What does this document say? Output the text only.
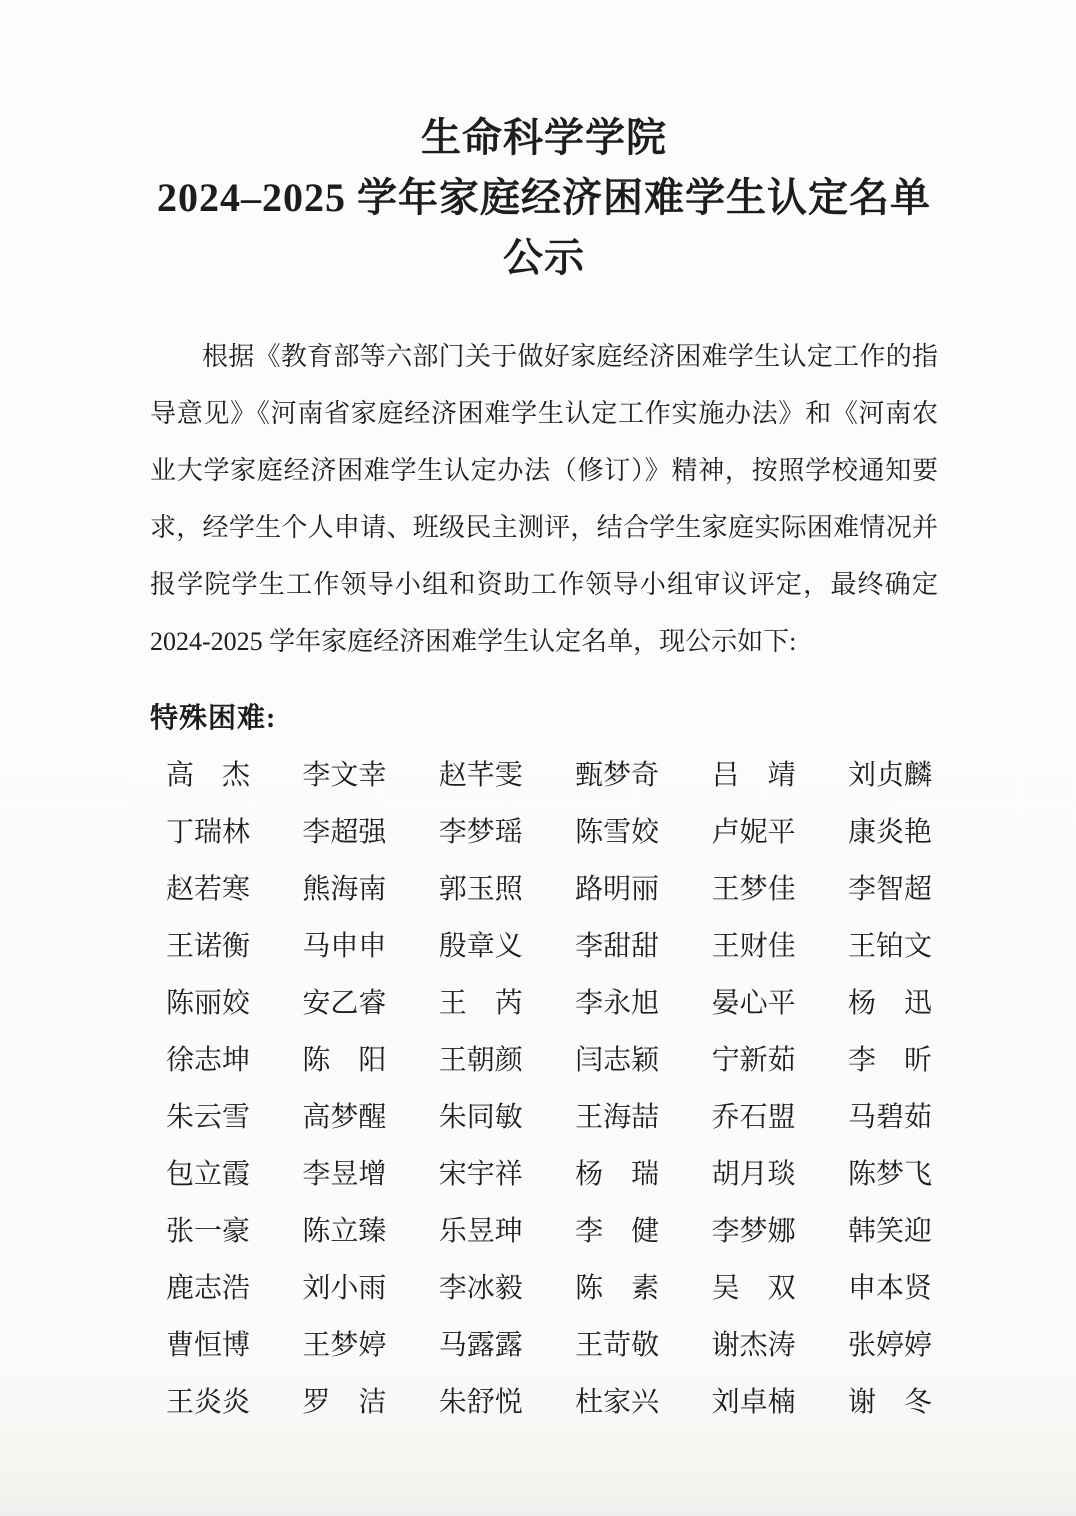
生命科学学院
2024–2025 学年家庭经济困难学生认定名单
公示
根据《教育部等六部门关于做好家庭经济困难学生认定工作的指
导意见》《河南省家庭经济困难学生认定工作实施办法》和《河南农
业大学家庭经济困难学生认定办法（修订）》精神，按照学校通知要
求，经学生个人申请、班级民主测评，结合学生家庭实际困难情况并
报学院学生工作领导小组和资助工作领导小组审议评定，最终确定
2024-2025 学年家庭经济困难学生认定名单，现公示如下:
特殊困难:
高　杰 李文幸 赵芊雯 甄梦奇 吕　靖 刘贞麟
丁瑞林 李超强 李梦瑶 陈雪姣 卢妮平 康炎艳
赵若寒 熊海南 郭玉照 路明丽 王梦佳 李智超
王诺衡 马申申 殷章义 李甜甜 王财佳 王铂文
陈丽姣 安乙睿 王　芮 李永旭 晏心平 杨　迅
徐志坤 陈　阳 王朝颜 闫志颖 宁新茹 李　昕
朱云雪 高梦醒 朱同敏 王海喆 乔石盟 马碧茹
包立霞 李昱增 宋宇祥 杨　瑞 胡月琰 陈梦飞
张一豪 陈立臻 乐昱珅 李　健 李梦娜 韩笑迎
鹿志浩 刘小雨 李冰毅 陈　素 吴　双 申本贤
曹恒博 王梦婷 马露露 王苛敬 谢杰涛 张婷婷
王炎炎 罗　洁 朱舒悦 杜家兴 刘卓楠 谢　冬
